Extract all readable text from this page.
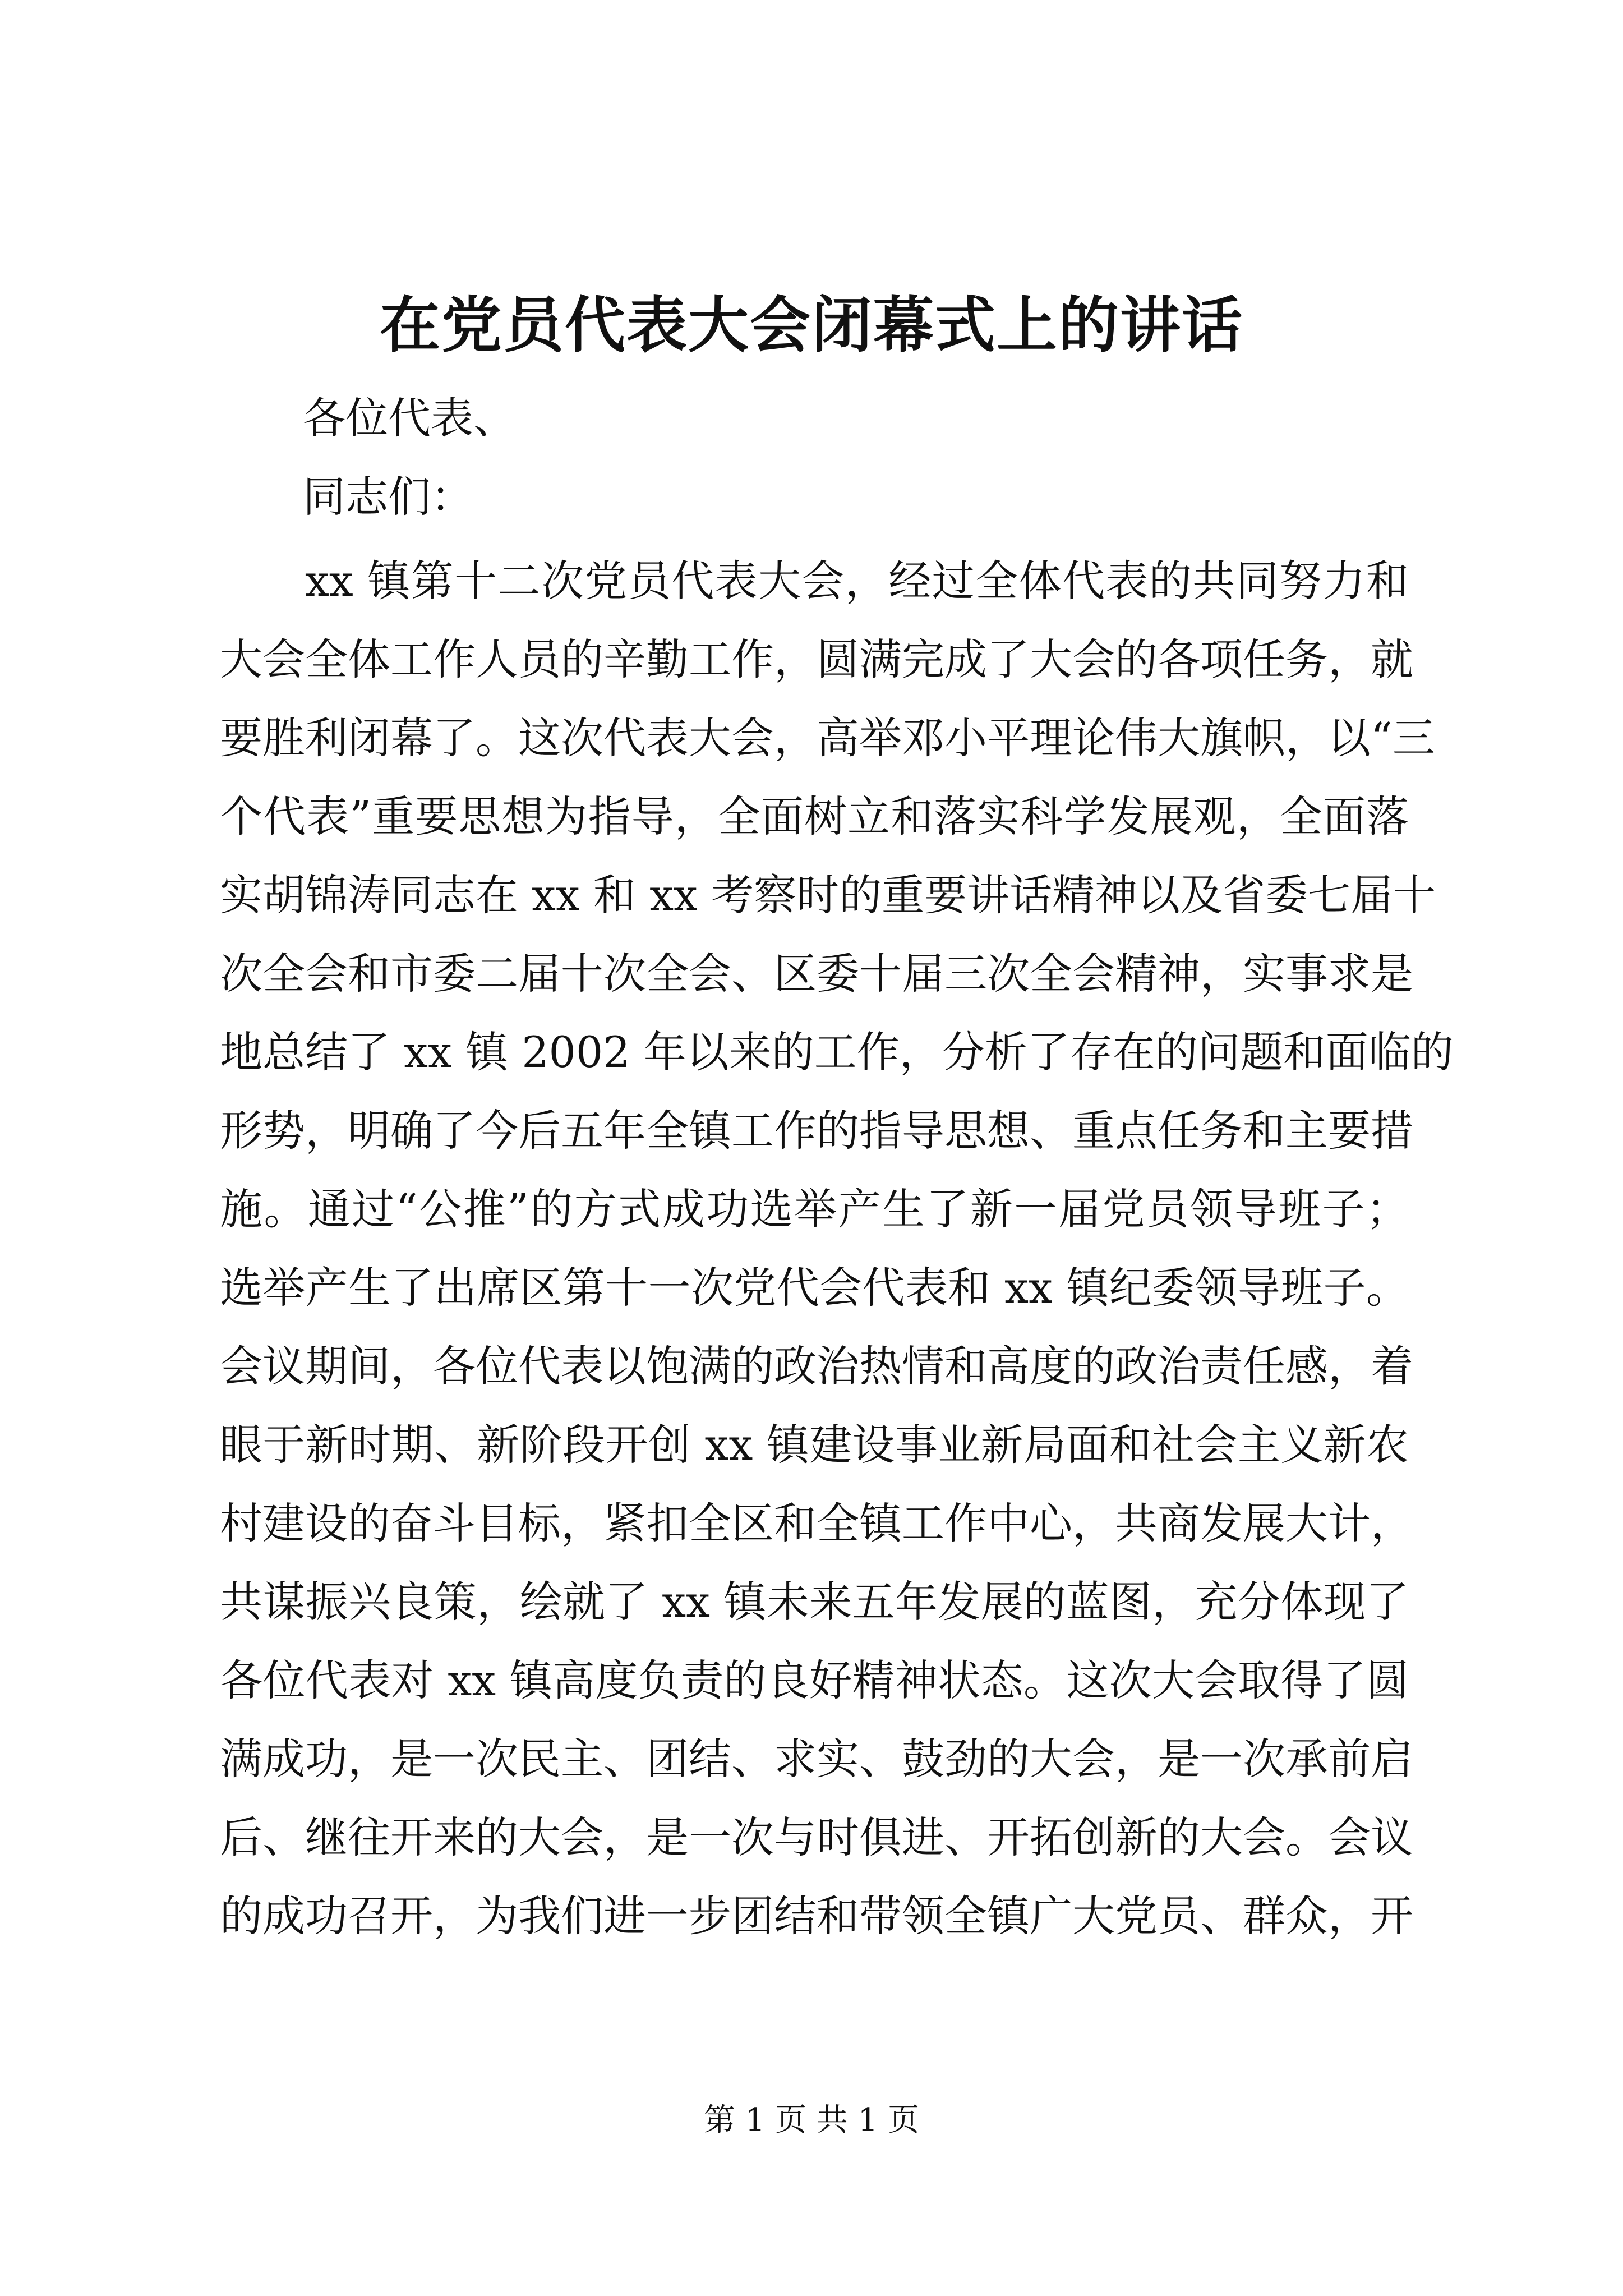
在党员代表大会闭幕式上的讲话

各位代表、

同志们：

xx 镇第十二次党员代表大会，经过全体代表的共同努力和
大会全体工作人员的辛勤工作，圆满完成了大会的各项任务，就
要胜利闭幕了。这次代表大会，高举邓小平理论伟大旗帜，以“三
个代表”重要思想为指导，全面树立和落实科学发展观，全面落
实胡锦涛同志在 xx 和 xx 考察时的重要讲话精神以及省委七届十
次全会和市委二届十次全会、区委十届三次全会精神，实事求是
地总结了 xx 镇 2002 年以来的工作，分析了存在的问题和面临的
形势，明确了今后五年全镇工作的指导思想、重点任务和主要措
施。通过“公推”的方式成功选举产生了新一届党员领导班子；
选举产生了出席区第十一次党代会代表和 xx 镇纪委领导班子。
会议期间，各位代表以饱满的政治热情和高度的政治责任感，着
眼于新时期、新阶段开创 xx 镇建设事业新局面和社会主义新农
村建设的奋斗目标，紧扣全区和全镇工作中心，共商发展大计，
共谋振兴良策，绘就了 xx 镇未来五年发展的蓝图，充分体现了
各位代表对 xx 镇高度负责的良好精神状态。这次大会取得了圆
满成功，是一次民主、团结、求实、鼓劲的大会，是一次承前启
后、继往开来的大会，是一次与时俱进、开拓创新的大会。会议
的成功召开，为我们进一步团结和带领全镇广大党员、群众，开

第 1 页 共 1 页
